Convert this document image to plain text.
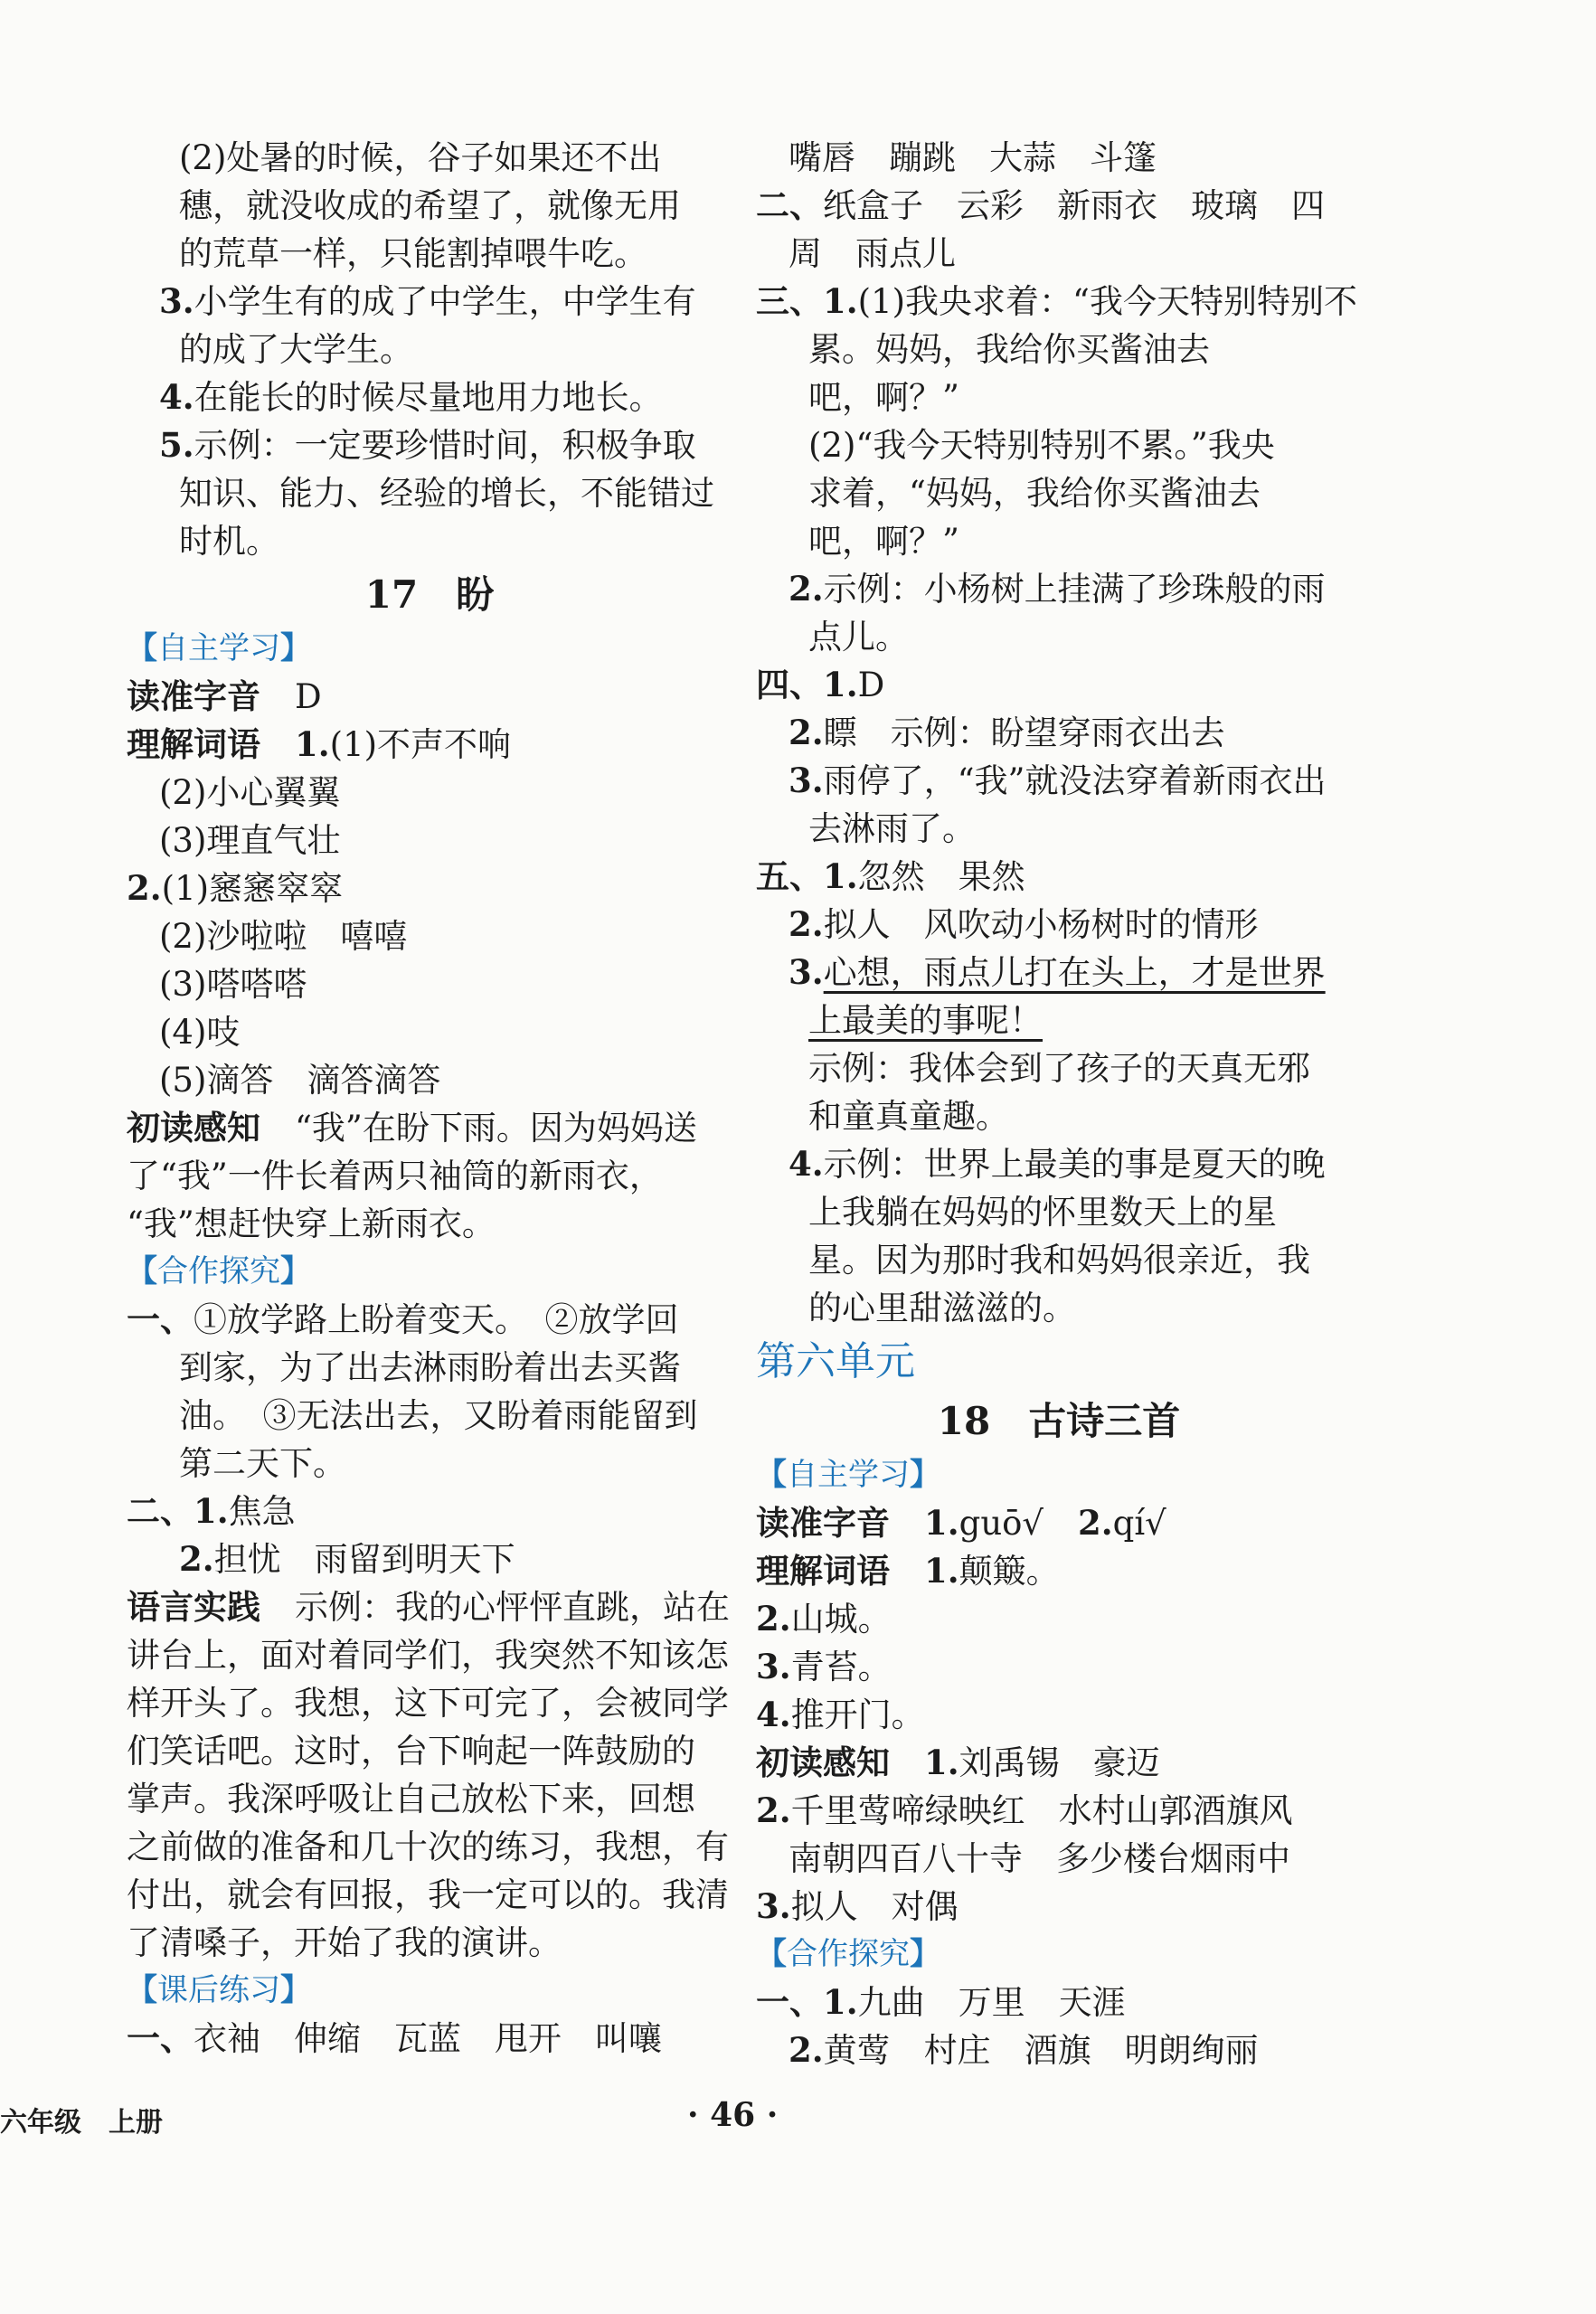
(2)处暑的时候，谷子如果还不出
穗，就没收成的希望了，就像无用
的荒草一样，只能割掉喂牛吃。
3.小学生有的成了中学生，中学生有
的成了大学生。
4.在能长的时候尽量地用力地长。
5.示例：一定要珍惜时间，积极争取
知识、能力、经验的增长，不能错过
时机。
17　盼
【自主学习】
读准字音 D
理解词语 1.(1)不声不响
(2)小心翼翼
(3)理直气壮
2.(1)窸窸窣窣
(2)沙啦啦　嘻嘻
(3)嗒嗒嗒
(4)吱
(5)滴答　滴答滴答
初读感知 “我”在盼下雨。因为妈妈送
了“我”一件长着两只袖筒的新雨衣，
“我”想赶快穿上新雨衣。
【合作探究】
一、①放学路上盼着变天。　②放学回
到家，为了出去淋雨盼着出去买酱
油。　③无法出去，又盼着雨能留到
第二天下。
二、1.焦急
2.担忧　雨留到明天下
语言实践 示例：我的心怦怦直跳，站在
讲台上，面对着同学们，我突然不知该怎
样开头了。我想，这下可完了，会被同学
们笑话吧。这时，台下响起一阵鼓励的
掌声。我深呼吸让自己放松下来，回想
之前做的准备和几十次的练习，我想，有
付出，就会有回报，我一定可以的。我清
了清嗓子，开始了我的演讲。
【课后练习】
一、衣袖　伸缩　瓦蓝　甩开　叫嚷
嘴唇　蹦跳　大蒜　斗篷
二、纸盒子　云彩　新雨衣　玻璃　四
周　雨点儿
三、1.(1)我央求着：“我今天特别特别不
累。妈妈，我给你买酱油去
吧，啊？”
(2)“我今天特别特别不累。”我央
求着，“妈妈，我给你买酱油去
吧，啊？”
2.示例：小杨树上挂满了珍珠般的雨
点儿。
四、1.D
2.瞟　示例：盼望穿雨衣出去
3.雨停了，“我”就没法穿着新雨衣出
去淋雨了。
五、1.忽然　果然
2.拟人　风吹动小杨树时的情形
3.心想，雨点儿打在头上，才是世界
上最美的事呢！
示例：我体会到了孩子的天真无邪
和童真童趣。
4.示例：世界上最美的事是夏天的晚
上我躺在妈妈的怀里数天上的星
星。因为那时我和妈妈很亲近，我
的心里甜滋滋的。
第六单元
18　古诗三首
【自主学习】
读准字音 1.guō√ 2.qí√
理解词语 1.颠簸。
2.山城。
3.青苔。
4.推开门。
初读感知 1.刘禹锡　豪迈
2.千里莺啼绿映红　水村山郭酒旗风
南朝四百八十寺　多少楼台烟雨中
3.拟人　对偶
【合作探究】
一、1.九曲　万里　天涯
2.黄莺　村庄　酒旗　明朗绚丽
六年级　上册	· 46 ·
